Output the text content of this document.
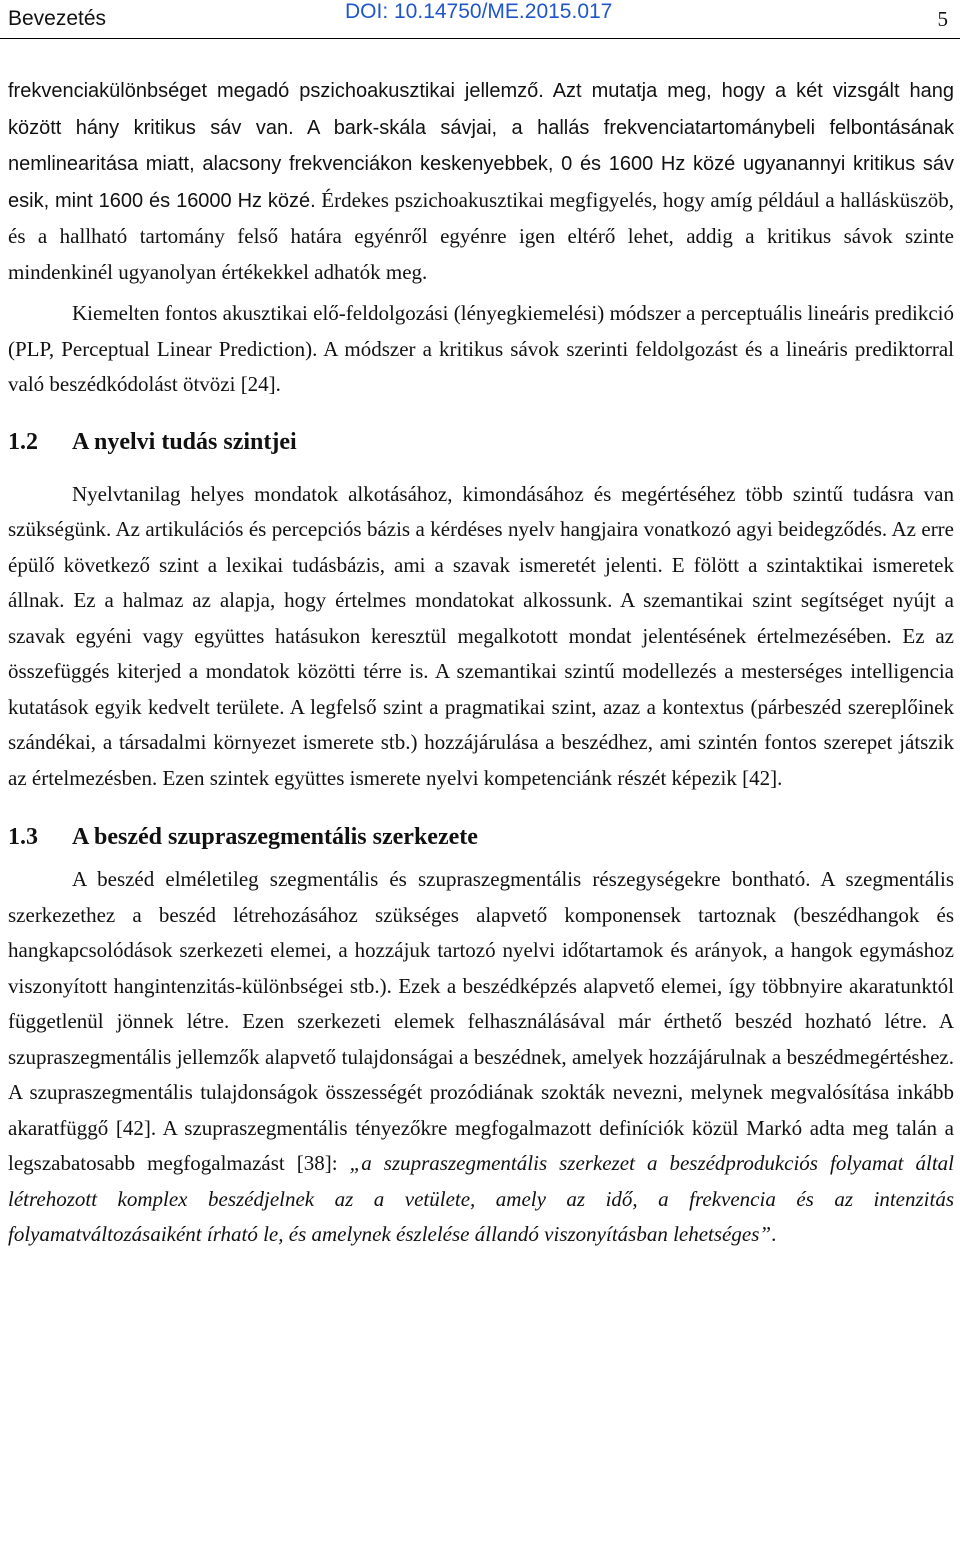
Bevezetés	DOI: 10.14750/ME.2015.017	5

frekvenciakülönbséget megadó pszichoakusztikai jellemző. Azt mutatja meg, hogy a két vizsgált hang között hány kritikus sáv van. A bark-skála sávjai, a hallás frekvenciatartománybeli felbontásának nemlinearitása miatt, alacsony frekvenciákon keskenyebbek, 0 és 1600 Hz közé ugyanannyi kritikus sáv esik, mint 1600 és 16000 Hz közé. Érdekes pszichoakusztikai megfigyelés, hogy amíg például a hallásküszöb, és a hallható tartomány felső határa egyénről egyénre igen eltérő lehet, addig a kritikus sávok szinte mindenkinél ugyanolyan értékekkel adhatók meg.

Kiemelten fontos akusztikai elő-feldolgozási (lényegkiemelési) módszer a perceptuális lineáris predikció (PLP, Perceptual Linear Prediction). A módszer a kritikus sávok szerinti feldolgozást és a lineáris prediktorral való beszédkódolást ötvözi [24].

1.2 A nyelvi tudás szintjei

Nyelvtanilag helyes mondatok alkotásához, kimondásához és megértéséhez több szintű tudásra van szükségünk. Az artikulációs és percepciós bázis a kérdéses nyelv hangjaira vonatkozó agyi beidegződés. Az erre épülő következő szint a lexikai tudásbázis, ami a szavak ismeretét jelenti. E fölött a szintaktikai ismeretek állnak. Ez a halmaz az alapja, hogy értelmes mondatokat alkossunk. A szemantikai szint segítséget nyújt a szavak egyéni vagy együttes hatásukon keresztül megalkotott mondat jelentésének értelmezésében. Ez az összefüggés kiterjed a mondatok közötti térre is. A szemantikai szintű modellezés a mesterséges intelligencia kutatások egyik kedvelt területe. A legfelső szint a pragmatikai szint, azaz a kontextus (párbeszéd szereplőinek szándékai, a társadalmi környezet ismerete stb.) hozzájárulása a beszédhez, ami szintén fontos szerepet játszik az értelmezésben. Ezen szintek együttes ismerete nyelvi kompetenciánk részét képezik [42].

1.3 A beszéd szupraszegmentális szerkezete

A beszéd elméletileg szegmentális és szupraszegmentális részegységekre bontható. A szegmentális szerkezethez a beszéd létrehozásához szükséges alapvető komponensek tartoznak (beszédhangok és hangkapcsolódások szerkezeti elemei, a hozzájuk tartozó nyelvi időtartamok és arányok, a hangok egymáshoz viszonyított hangintenzitás-különbségei stb.). Ezek a beszédképzés alapvető elemei, így többnyire akaratunktól függetlenül jönnek létre. Ezen szerkezeti elemek felhasználásával már érthető beszéd hozható létre. A szupraszegmentális jellemzők alapvető tulajdonságai a beszédnek, amelyek hozzájárulnak a beszédmegértéshez. A szupraszegmentális tulajdonságok összességét prozódiának szokták nevezni, melynek megvalósítása inkább akaratfüggő [42]. A szupraszegmentális tényezőkre megfogalmazott definíciók közül Markó adta meg talán a legszabatosabb megfogalmazást [38]: „a szupraszegmentális szerkezet a beszédprodukciós folyamat által létrehozott komplex beszédjelnek az a vetülete, amely az idő, a frekvencia és az intenzitás folyamatváltozásaiként írható le, és amelynek észlelése állandó viszonyításban lehetséges”.
